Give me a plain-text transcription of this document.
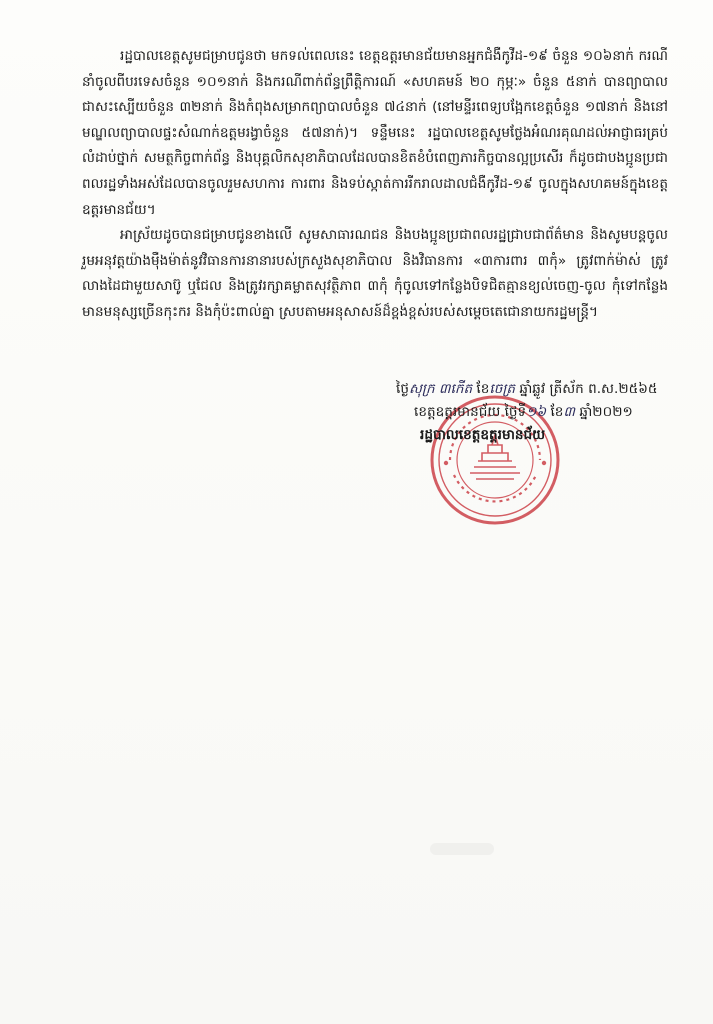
រដ្ឋបាលខេត្តសូមជម្រាបជូនថា មកទល់ពេលនេះ ខេត្តឧត្តរមានជ័យមានអ្នកជំងឺកូវីដ-១៩ ចំនួន ១០៦នាក់ ករណីនាំចូលពីបរទេសចំនួន ១០១នាក់ និងករណីពាក់ព័ន្ធព្រឹត្តិការណ៍ «សហគមន៍ ២០ កុម្ភៈ» ចំនួន ៥នាក់ បានព្យាបាលជាសះស្បើយចំនួន ៣២នាក់ និងកំពុងសម្រាកព្យាបាលចំនួន ៧៤នាក់ (នៅមន្ទីរពេទ្យបង្អែកខេត្តចំនួន ១៧នាក់ និងនៅមណ្ឌលព្យាបាលផ្ទះសំណាក់ឧត្តមរង្វាចំនួន ៥៧នាក់)។ ទន្ទឹមនេះ រដ្ឋបាលខេត្តសូមថ្លែងអំណរគុណដល់អាជ្ញាធរគ្រប់លំដាប់ថ្នាក់ សមត្ថកិច្ចពាក់ព័ន្ធ និងបុគ្គលិកសុខាភិបាលដែលបានខិតខំបំពេញភារកិច្ចបានល្អប្រសើរ ក៏ដូចជាបងប្អូនប្រជាពលរដ្ឋទាំងអស់ដែលបានចូលរួមសហការ ការពារ និងទប់ស្កាត់ការរីករាលដាលជំងឺកូវីដ-១៩ ចូលក្នុងសហគមន៍ក្នុងខេត្តឧត្តរមានជ័យ។

អាស្រ័យដូចបានជម្រាបជូនខាងលើ សូមសាធារណជន និងបងប្អូនប្រជាពលរដ្ឋជ្រាបជាព័ត៌មាន និងសូមបន្តចូលរួមអនុវត្តយ៉ាងម៉ឺងម៉ាត់នូវវិធានការនានារបស់ក្រសួងសុខាភិបាល និងវិធានការ «៣ការពារ ៣កុំ» ត្រូវពាក់ម៉ាស់ ត្រូវលាងដៃជាមួយសាប៊ូ ឬជែល និងត្រូវរក្សាគម្លាតសុវត្ថិភាព ៣កុំ កុំចូលទៅកន្លែងបិទជិតគ្មានខ្យល់ចេញ-ចូល កុំទៅកន្លែងមានមនុស្សច្រើនកុះករ និងកុំប៉ះពាល់គ្នា ស្របតាមអនុសាសន៍ដ៏ខ្ពង់ខ្ពស់របស់សម្តេចតេជោនាយករដ្ឋមន្ត្រី។

ថ្ងៃសុក្រ ៣កើត ខែចេត្រ ឆ្នាំឆ្លូវ ត្រីស័ក ព.ស.២៥៦៥

ខេត្តឧត្តរមានជ័យ ថ្ងៃទី១៦ ខែ៣ ឆ្នាំ២០២១

រដ្ឋបាលខេត្តឧត្តរមានជ័យ
